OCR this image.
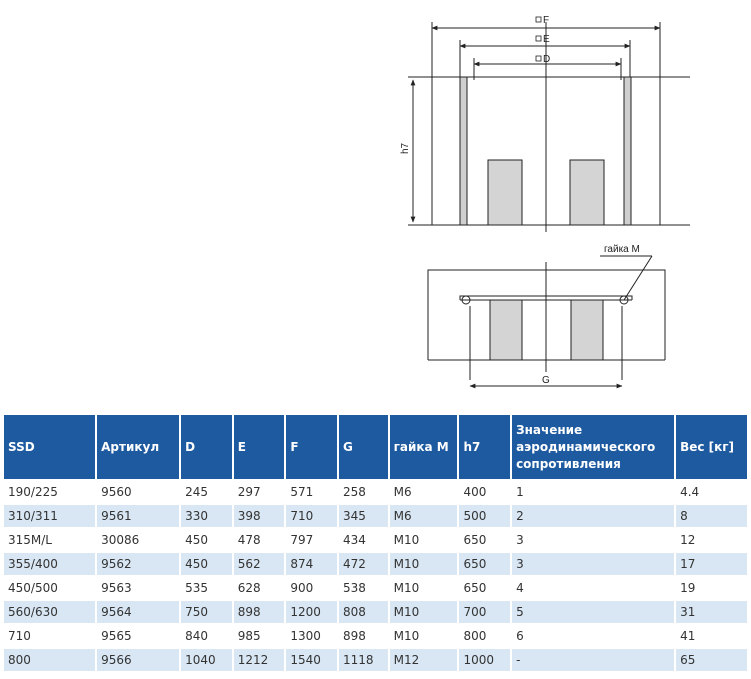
F
E
D
h7
гайка M
G
SSD	Артикул	D	E	F	G	гайка M	h7	Значение аэродинамического сопротивления	Вес [кг]
190/225	9560	245	297	571	258	M6	400	1	4.4
310/311	9561	330	398	710	345	M6	500	2	8
315M/L	30086	450	478	797	434	M10	650	3	12
355/400	9562	450	562	874	472	M10	650	3	17
450/500	9563	535	628	900	538	M10	650	4	19
560/630	9564	750	898	1200	808	M10	700	5	31
710	9565	840	985	1300	898	M10	800	6	41
800	9566	1040	1212	1540	1118	M12	1000	-	65
